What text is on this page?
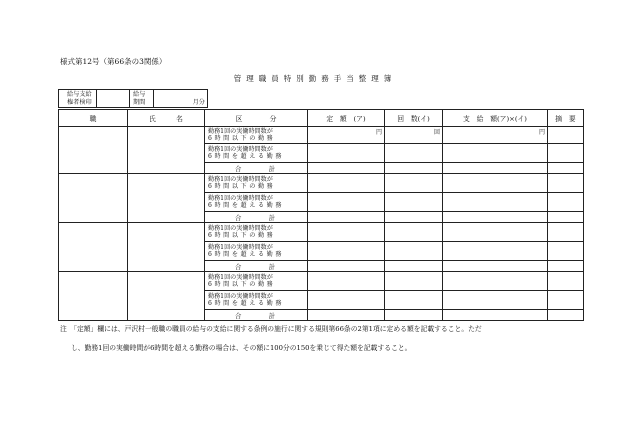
様式第12号（第66条の3関係）
管理職員特別勤務手当整理簿
給与支給
権者検印
給与
期間	月分
職	氏　　　名	区　　　　分	定　額　(ア)	回　数(イ)	支　給　額(ア)×(イ)	摘　要

		勤務1回の実働時間数が
6時間以下の勤務	円	回	円	

		勤務1回の実働時間数が
6時間を超える勤務				

		合　　　計				

		勤務1回の実働時間数が
6時間以下の勤務				

		勤務1回の実働時間数が
6時間を超える勤務				

		合　　　計				

		勤務1回の実働時間数が
6時間以下の勤務				

		勤務1回の実働時間数が
6時間を超える勤務				

		合　　　計				

		勤務1回の実働時間数が
6時間以下の勤務				

		勤務1回の実働時間数が
6時間を超える勤務				

		合　　　計				
注　「定額」欄には、戸沢村一般職の職員の給与の支給に関する条例の施行に関する規則第66条の2第1項に定める額を記載すること。ただ
し、勤務1回の実働時間が6時間を超える勤務の場合は、その額に100分の150を乗じて得た額を記載すること。
